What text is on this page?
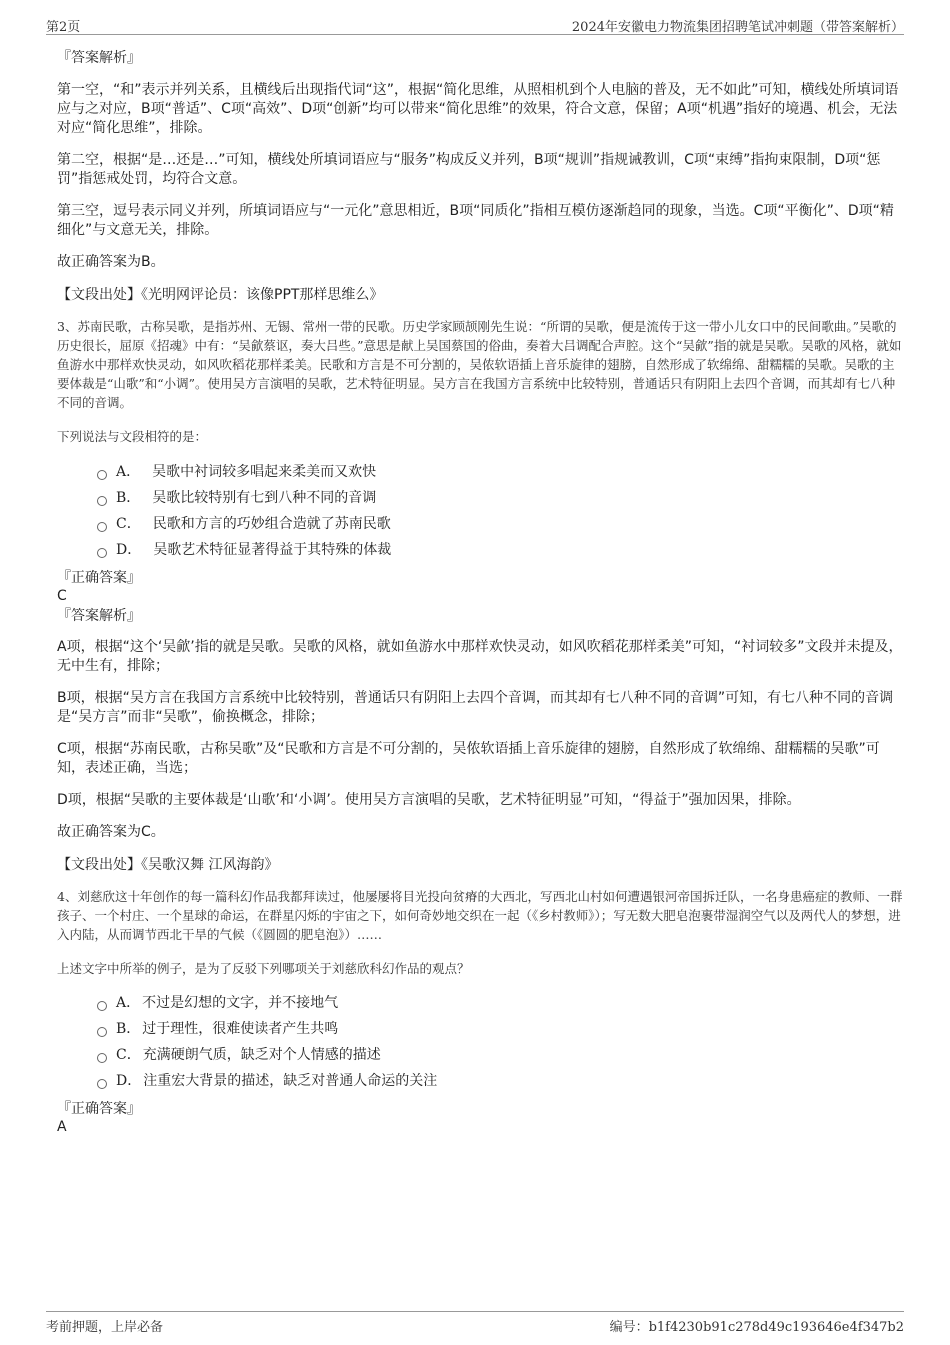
第2页	2024年安徽电力物流集团招聘笔试冲刺题（带答案解析）

『答案解析』

第一空，“和”表示并列关系，且横线后出现指代词“这”，根据“简化思维，从照相机到个人电脑的普及，无不如此”可知，横线处所填词语应与之对应，B项“普适”、C项“高效”、D项“创新”均可以带来“简化思维”的效果，符合文意，保留；A项“机遇”指好的境遇、机会，无法对应“简化思维”，排除。

第二空，根据“是…还是…”可知，横线处所填词语应与“服务”构成反义并列，B项“规训”指规诫教训，C项“束缚”指拘束限制，D项“惩罚”指惩戒处罚，均符合文意。

第三空，逗号表示同义并列，所填词语应与“一元化”意思相近，B项“同质化”指相互模仿逐渐趋同的现象，当选。C项“平衡化”、D项“精细化”与文意无关，排除。

故正确答案为B。

【文段出处】《光明网评论员：该像PPT那样思维么》

3、苏南民歌，古称吴歌，是指苏州、无锡、常州一带的民歌。历史学家顾颉刚先生说：“所谓的吴歌，便是流传于这一带小儿女口中的民间歌曲。”吴歌的历史很长，屈原《招魂》中有：“吴歈蔡讴，奏大吕些。”意思是献上吴国蔡国的俗曲，奏着大吕调配合声腔。这个“吴歈”指的就是吴歌。吴歌的风格，就如鱼游水中那样欢快灵动，如风吹稻花那样柔美。民歌和方言是不可分割的，吴侬软语插上音乐旋律的翅膀，自然形成了软绵绵、甜糯糯的吴歌。吴歌的主要体裁是“山歌”和“小调”。使用吴方言演唱的吴歌，艺术特征明显。吴方言在我国方言系统中比较特别，普通话只有阴阳上去四个音调，而其却有七八种不同的音调。

下列说法与文段相符的是：

A． 吴歌中衬词较多唱起来柔美而又欢快
B． 吴歌比较特别有七到八种不同的音调
C． 民歌和方言的巧妙组合造就了苏南民歌
D． 吴歌艺术特征显著得益于其特殊的体裁

『正确答案』

C

『答案解析』

A项，根据“这个‘吴歈’指的就是吴歌。吴歌的风格，就如鱼游水中那样欢快灵动，如风吹稻花那样柔美”可知，“衬词较多”文段并未提及，无中生有，排除；

B项，根据“吴方言在我国方言系统中比较特别，普通话只有阴阳上去四个音调，而其却有七八种不同的音调”可知，有七八种不同的音调是“吴方言”而非“吴歌”，偷换概念，排除；

C项，根据“苏南民歌，古称吴歌”及“民歌和方言是不可分割的，吴侬软语插上音乐旋律的翅膀，自然形成了软绵绵、甜糯糯的吴歌”可知，表述正确，当选；

D项，根据“吴歌的主要体裁是‘山歌’和‘小调’。使用吴方言演唱的吴歌，艺术特征明显”可知，“得益于”强加因果，排除。

故正确答案为C。

【文段出处】《吴歌汉舞 江风海韵》

4、刘慈欣这十年创作的每一篇科幻作品我都拜读过，他屡屡将目光投向贫瘠的大西北，写西北山村如何遭遇银河帝国拆迁队，一名身患癌症的教师、一群孩子、一个村庄、一个星球的命运，在群星闪烁的宇宙之下，如何奇妙地交织在一起（《乡村教师》）；写无数大肥皂泡裹带湿润空气以及两代人的梦想，进入内陆，从而调节西北干旱的气候（《圆圆的肥皂泡》）……

上述文字中所举的例子，是为了反驳下列哪项关于刘慈欣科幻作品的观点？

A． 不过是幻想的文字，并不接地气
B． 过于理性，很难使读者产生共鸣
C． 充满硬朗气质，缺乏对个人情感的描述
D． 注重宏大背景的描述，缺乏对普通人命运的关注

『正确答案』

A

考前押题，上岸必备	编号：b1f4230b91c278d49c193646e4f347b2
